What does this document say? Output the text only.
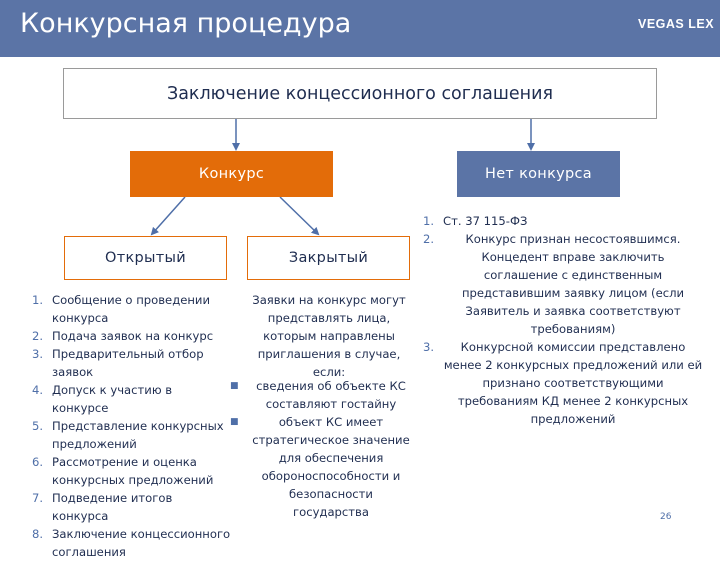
Конкурсная процедура	VEGAS LEX
Заключение концессионного соглашения
Конкурс	Нет конкурса
Открытый	Закрытый
1. Сообщение о проведении конкурса
2. Подача заявок на конкурс
3. Предварительный отбор заявок
4. Допуск к участию в конкурсе
5. Представление конкурсных предложений
6. Рассмотрение и оценка конкурсных предложений
7. Подведение итогов конкурса
8. Заключение концессионного соглашения
Заявки на конкурс могут представлять лица, которым направлены приглашения в случае, если:
■	сведения об объекте КС составляют гостайну
■	объект КС имеет стратегическое значение для обеспечения обороноспособности и безопасности государства
1. Ст. 37 115-ФЗ
2.	Конкурс признан несостоявшимся. Концедент вправе заключить соглашение с единственным представившим заявку лицом (если Заявитель и заявка соответствуют требованиям)
3.	Конкурсной комиссии представлено менее 2 конкурсных предложений или ей признано соответствующими требованиям КД менее 2 конкурсных предложений
26
